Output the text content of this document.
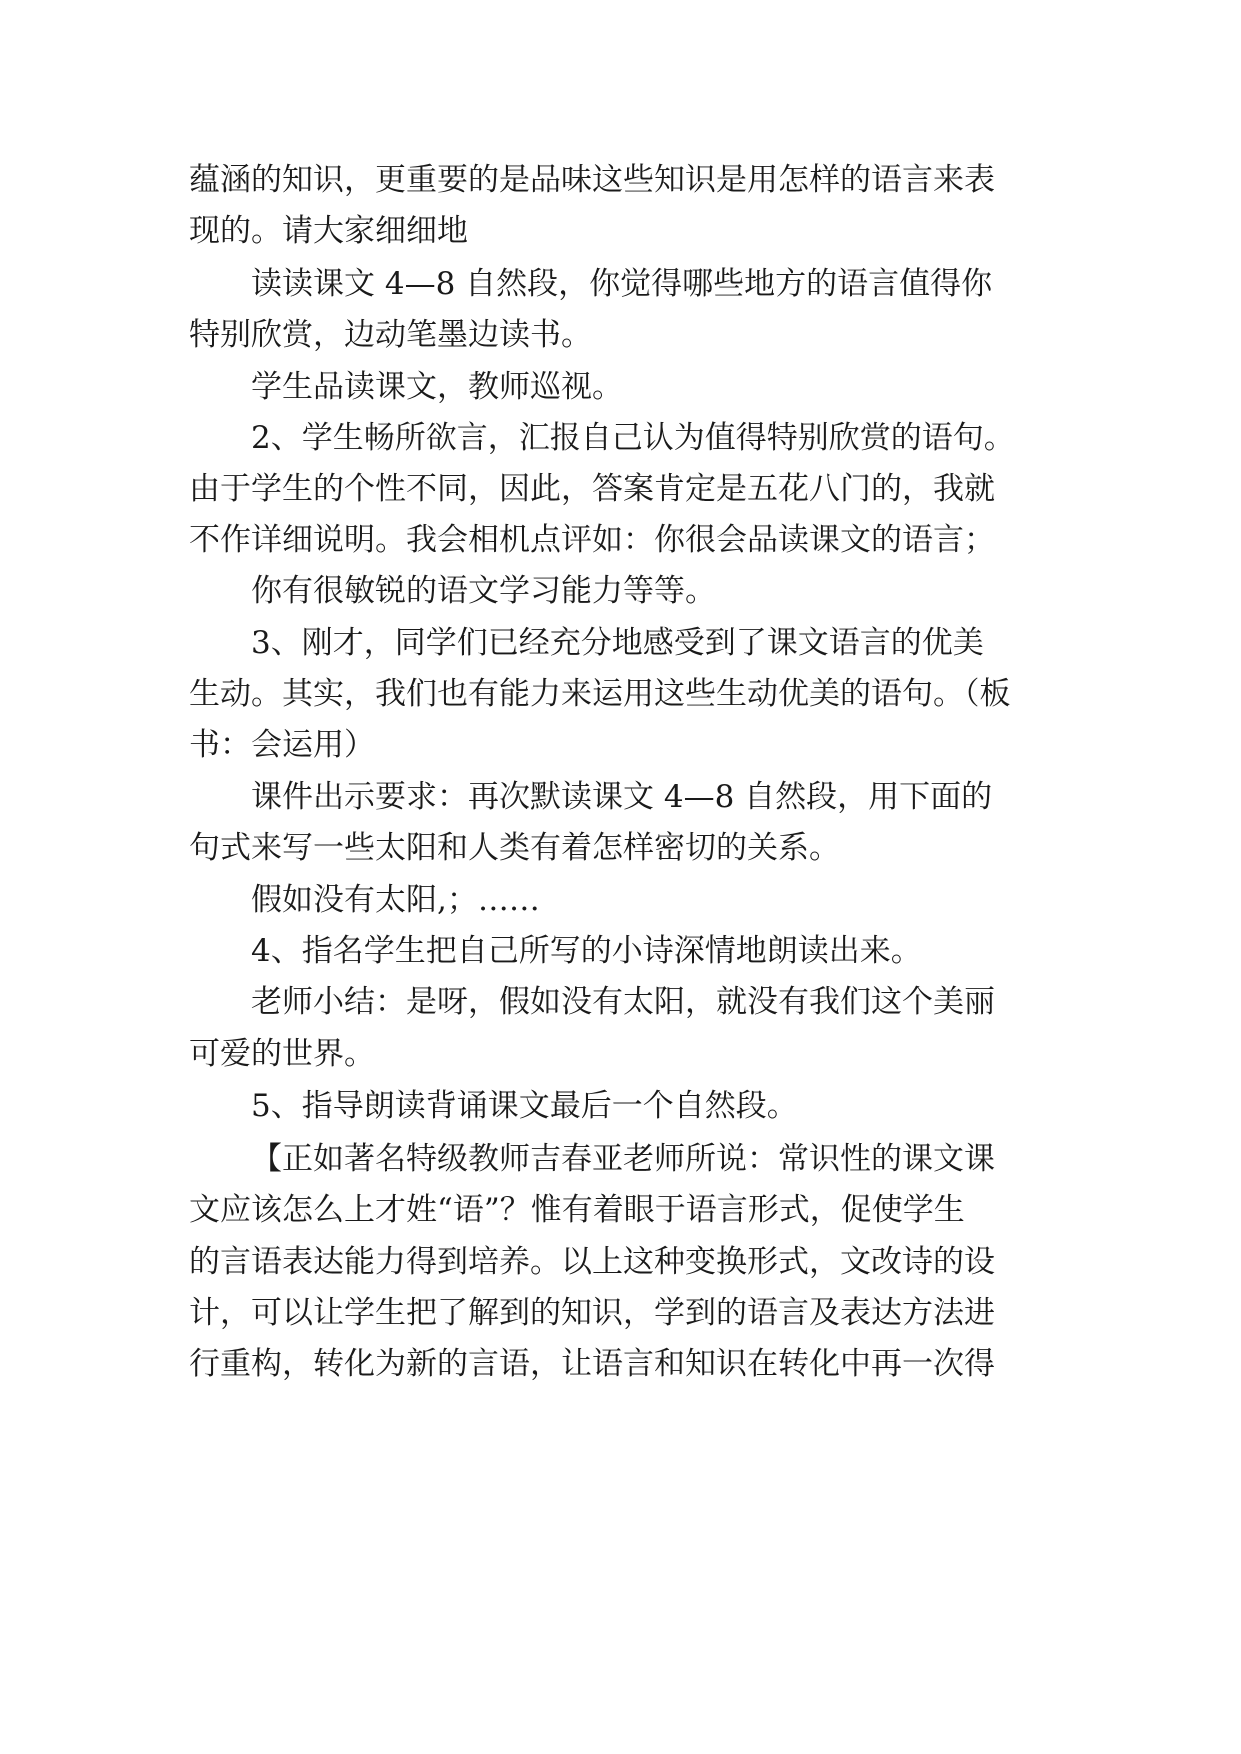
蕴涵的知识，更重要的是品味这些知识是用怎样的语言来表
现的。请大家细细地
读读课文 4—8 自然段，你觉得哪些地方的语言值得你
特别欣赏，边动笔墨边读书。
学生品读课文，教师巡视。
2、学生畅所欲言，汇报自己认为值得特别欣赏的语句。
由于学生的个性不同，因此，答案肯定是五花八门的，我就
不作详细说明。我会相机点评如：你很会品读课文的语言；
你有很敏锐的语文学习能力等等。
3、刚才，同学们已经充分地感受到了课文语言的优美
生动。其实，我们也有能力来运用这些生动优美的语句。（板
书：会运用）
课件出示要求：再次默读课文 4—8 自然段，用下面的
句式来写一些太阳和人类有着怎样密切的关系。
假如没有太阳,；……
4、指名学生把自己所写的小诗深情地朗读出来。
老师小结：是呀，假如没有太阳，就没有我们这个美丽
可爱的世界。
5、指导朗读背诵课文最后一个自然段。
【正如著名特级教师吉春亚老师所说：常识性的课文课
文应该怎么上才姓“语”？惟有着眼于语言形式，促使学生
的言语表达能力得到培养。以上这种变换形式，文改诗的设
计，可以让学生把了解到的知识，学到的语言及表达方法进
行重构，转化为新的言语，让语言和知识在转化中再一次得
